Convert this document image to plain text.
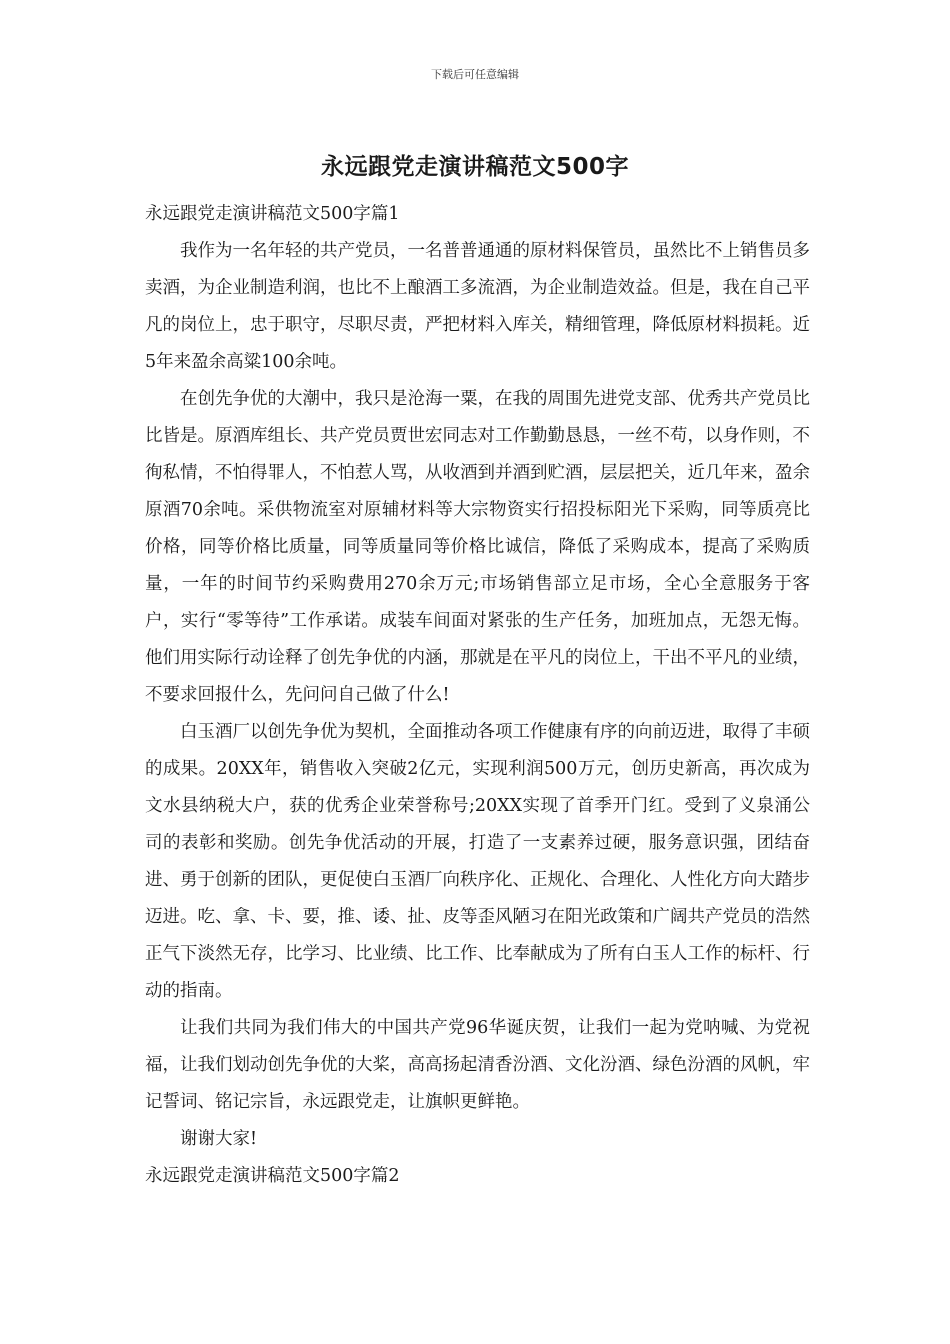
下载后可任意编辑
永远跟党走演讲稿范文500字

永远跟党走演讲稿范文500字篇1

我作为一名年轻的共产党员，一名普普通通的原材料保管员，虽然比不上销售员多卖酒，为企业制造利润，也比不上酿酒工多流酒，为企业制造效益。但是，我在自己平凡的岗位上，忠于职守，尽职尽责，严把材料入库关，精细管理，降低原材料损耗。近5年来盈余高粱100余吨。

在创先争优的大潮中，我只是沧海一粟，在我的周围先进党支部、优秀共产党员比比皆是。原酒库组长、共产党员贾世宏同志对工作勤勤恳恳，一丝不苟，以身作则，不徇私情，不怕得罪人，不怕惹人骂，从收酒到并酒到贮酒，层层把关，近几年来，盈余原酒70余吨。采供物流室对原辅材料等大宗物资实行招投标阳光下采购，同等质亮比价格，同等价格比质量，同等质量同等价格比诚信，降低了采购成本，提高了采购质量，一年的时间节约采购费用270余万元;市场销售部立足市场，全心全意服务于客户，实行“零等待”工作承诺。成装车间面对紧张的生产任务，加班加点，无怨无悔。他们用实际行动诠释了创先争优的内涵，那就是在平凡的岗位上，干出不平凡的业绩，不要求回报什么，先问问自己做了什么!

白玉酒厂以创先争优为契机，全面推动各项工作健康有序的向前迈进，取得了丰硕的成果。20XX年，销售收入突破2亿元，实现利润500万元，创历史新高，再次成为文水县纳税大户，获的优秀企业荣誉称号;20XX实现了首季开门红。受到了义泉涌公司的表彰和奖励。创先争优活动的开展，打造了一支素养过硬，服务意识强，团结奋进、勇于创新的团队，更促使白玉酒厂向秩序化、正规化、合理化、人性化方向大踏步迈进。吃、拿、卡、要，推、诿、扯、皮等歪风陋习在阳光政策和广阔共产党员的浩然正气下淡然无存，比学习、比业绩、比工作、比奉献成为了所有白玉人工作的标杆、行动的指南。

让我们共同为我们伟大的中国共产党96华诞庆贺，让我们一起为党呐喊、为党祝福，让我们划动创先争优的大桨，高高扬起清香汾酒、文化汾酒、绿色汾酒的风帆，牢记誓词、铭记宗旨，永远跟党走，让旗帜更鲜艳。

谢谢大家!

永远跟党走演讲稿范文500字篇2
